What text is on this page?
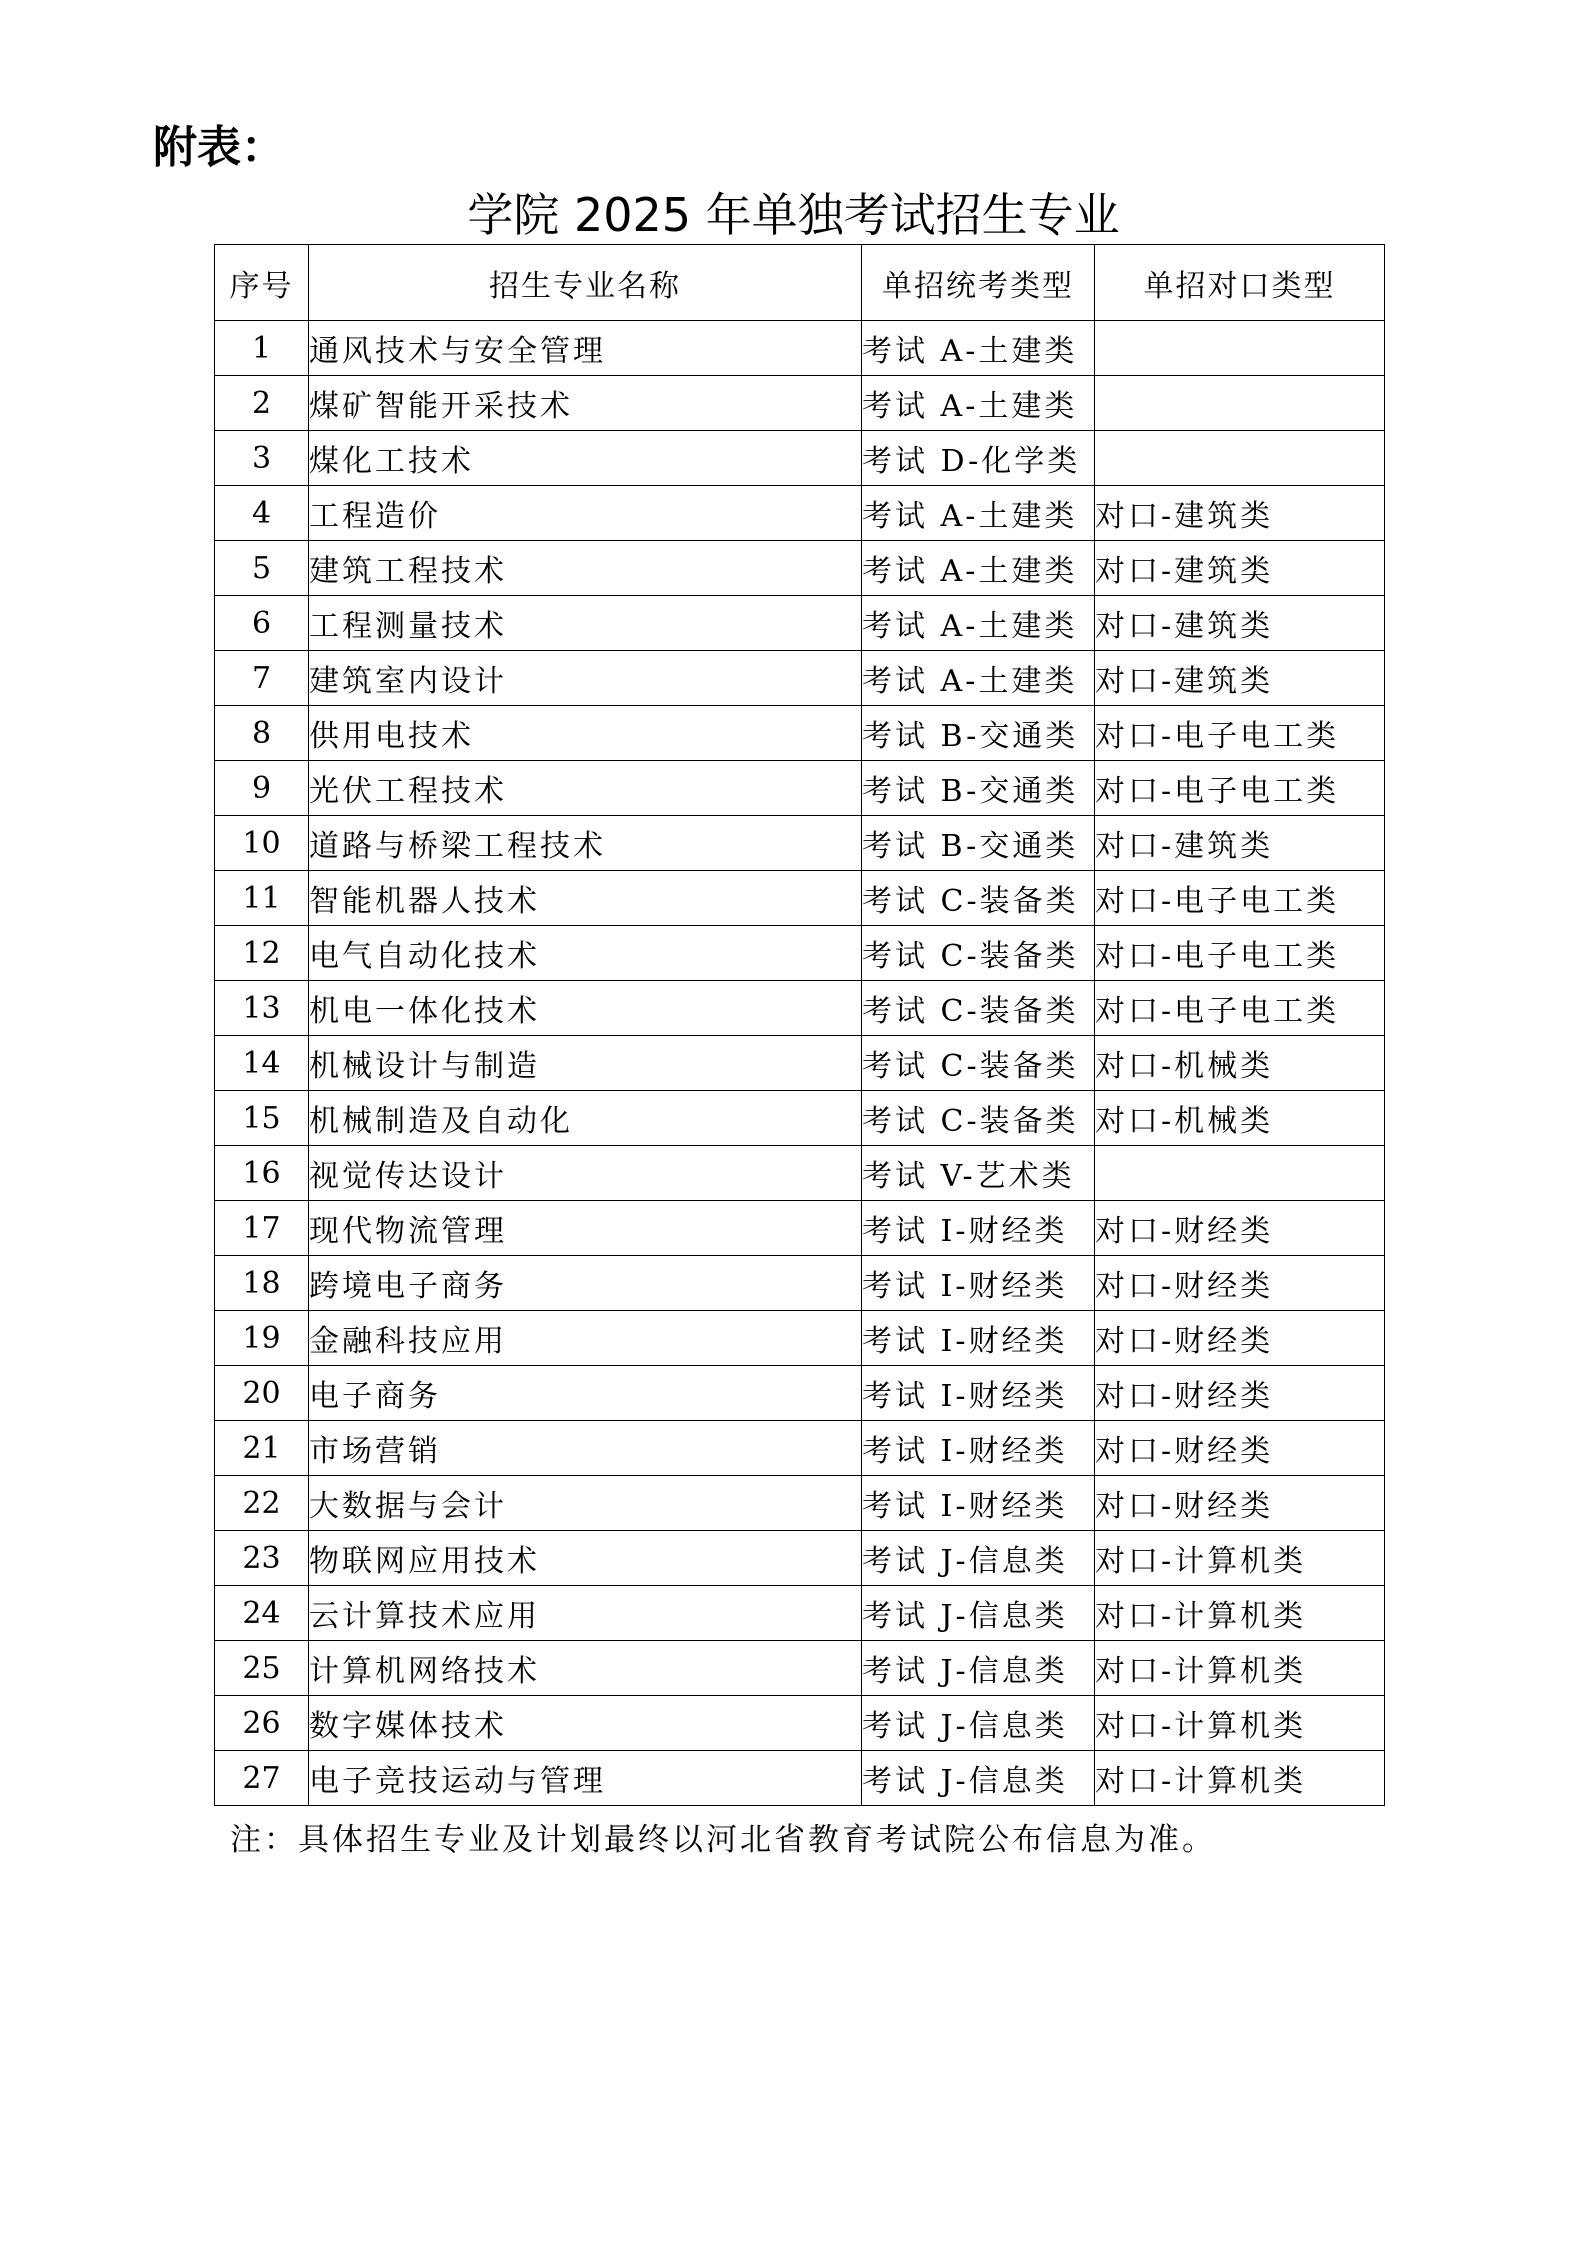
附表：
学院 2025 年单独考试招生专业
序号	招生专业名称	单招统考类型	单招对口类型
1	通风技术与安全管理	考试 A-土建类	
2	煤矿智能开采技术	考试 A-土建类	
3	煤化工技术	考试 D-化学类	
4	工程造价	考试 A-土建类	对口-建筑类
5	建筑工程技术	考试 A-土建类	对口-建筑类
6	工程测量技术	考试 A-土建类	对口-建筑类
7	建筑室内设计	考试 A-土建类	对口-建筑类
8	供用电技术	考试 B-交通类	对口-电子电工类
9	光伏工程技术	考试 B-交通类	对口-电子电工类
10	道路与桥梁工程技术	考试 B-交通类	对口-建筑类
11	智能机器人技术	考试 C-装备类	对口-电子电工类
12	电气自动化技术	考试 C-装备类	对口-电子电工类
13	机电一体化技术	考试 C-装备类	对口-电子电工类
14	机械设计与制造	考试 C-装备类	对口-机械类
15	机械制造及自动化	考试 C-装备类	对口-机械类
16	视觉传达设计	考试 V-艺术类	
17	现代物流管理	考试 I-财经类	对口-财经类
18	跨境电子商务	考试 I-财经类	对口-财经类
19	金融科技应用	考试 I-财经类	对口-财经类
20	电子商务	考试 I-财经类	对口-财经类
21	市场营销	考试 I-财经类	对口-财经类
22	大数据与会计	考试 I-财经类	对口-财经类
23	物联网应用技术	考试 J-信息类	对口-计算机类
24	云计算技术应用	考试 J-信息类	对口-计算机类
25	计算机网络技术	考试 J-信息类	对口-计算机类
26	数字媒体技术	考试 J-信息类	对口-计算机类
27	电子竞技运动与管理	考试 J-信息类	对口-计算机类
注：具体招生专业及计划最终以河北省教育考试院公布信息为准。
